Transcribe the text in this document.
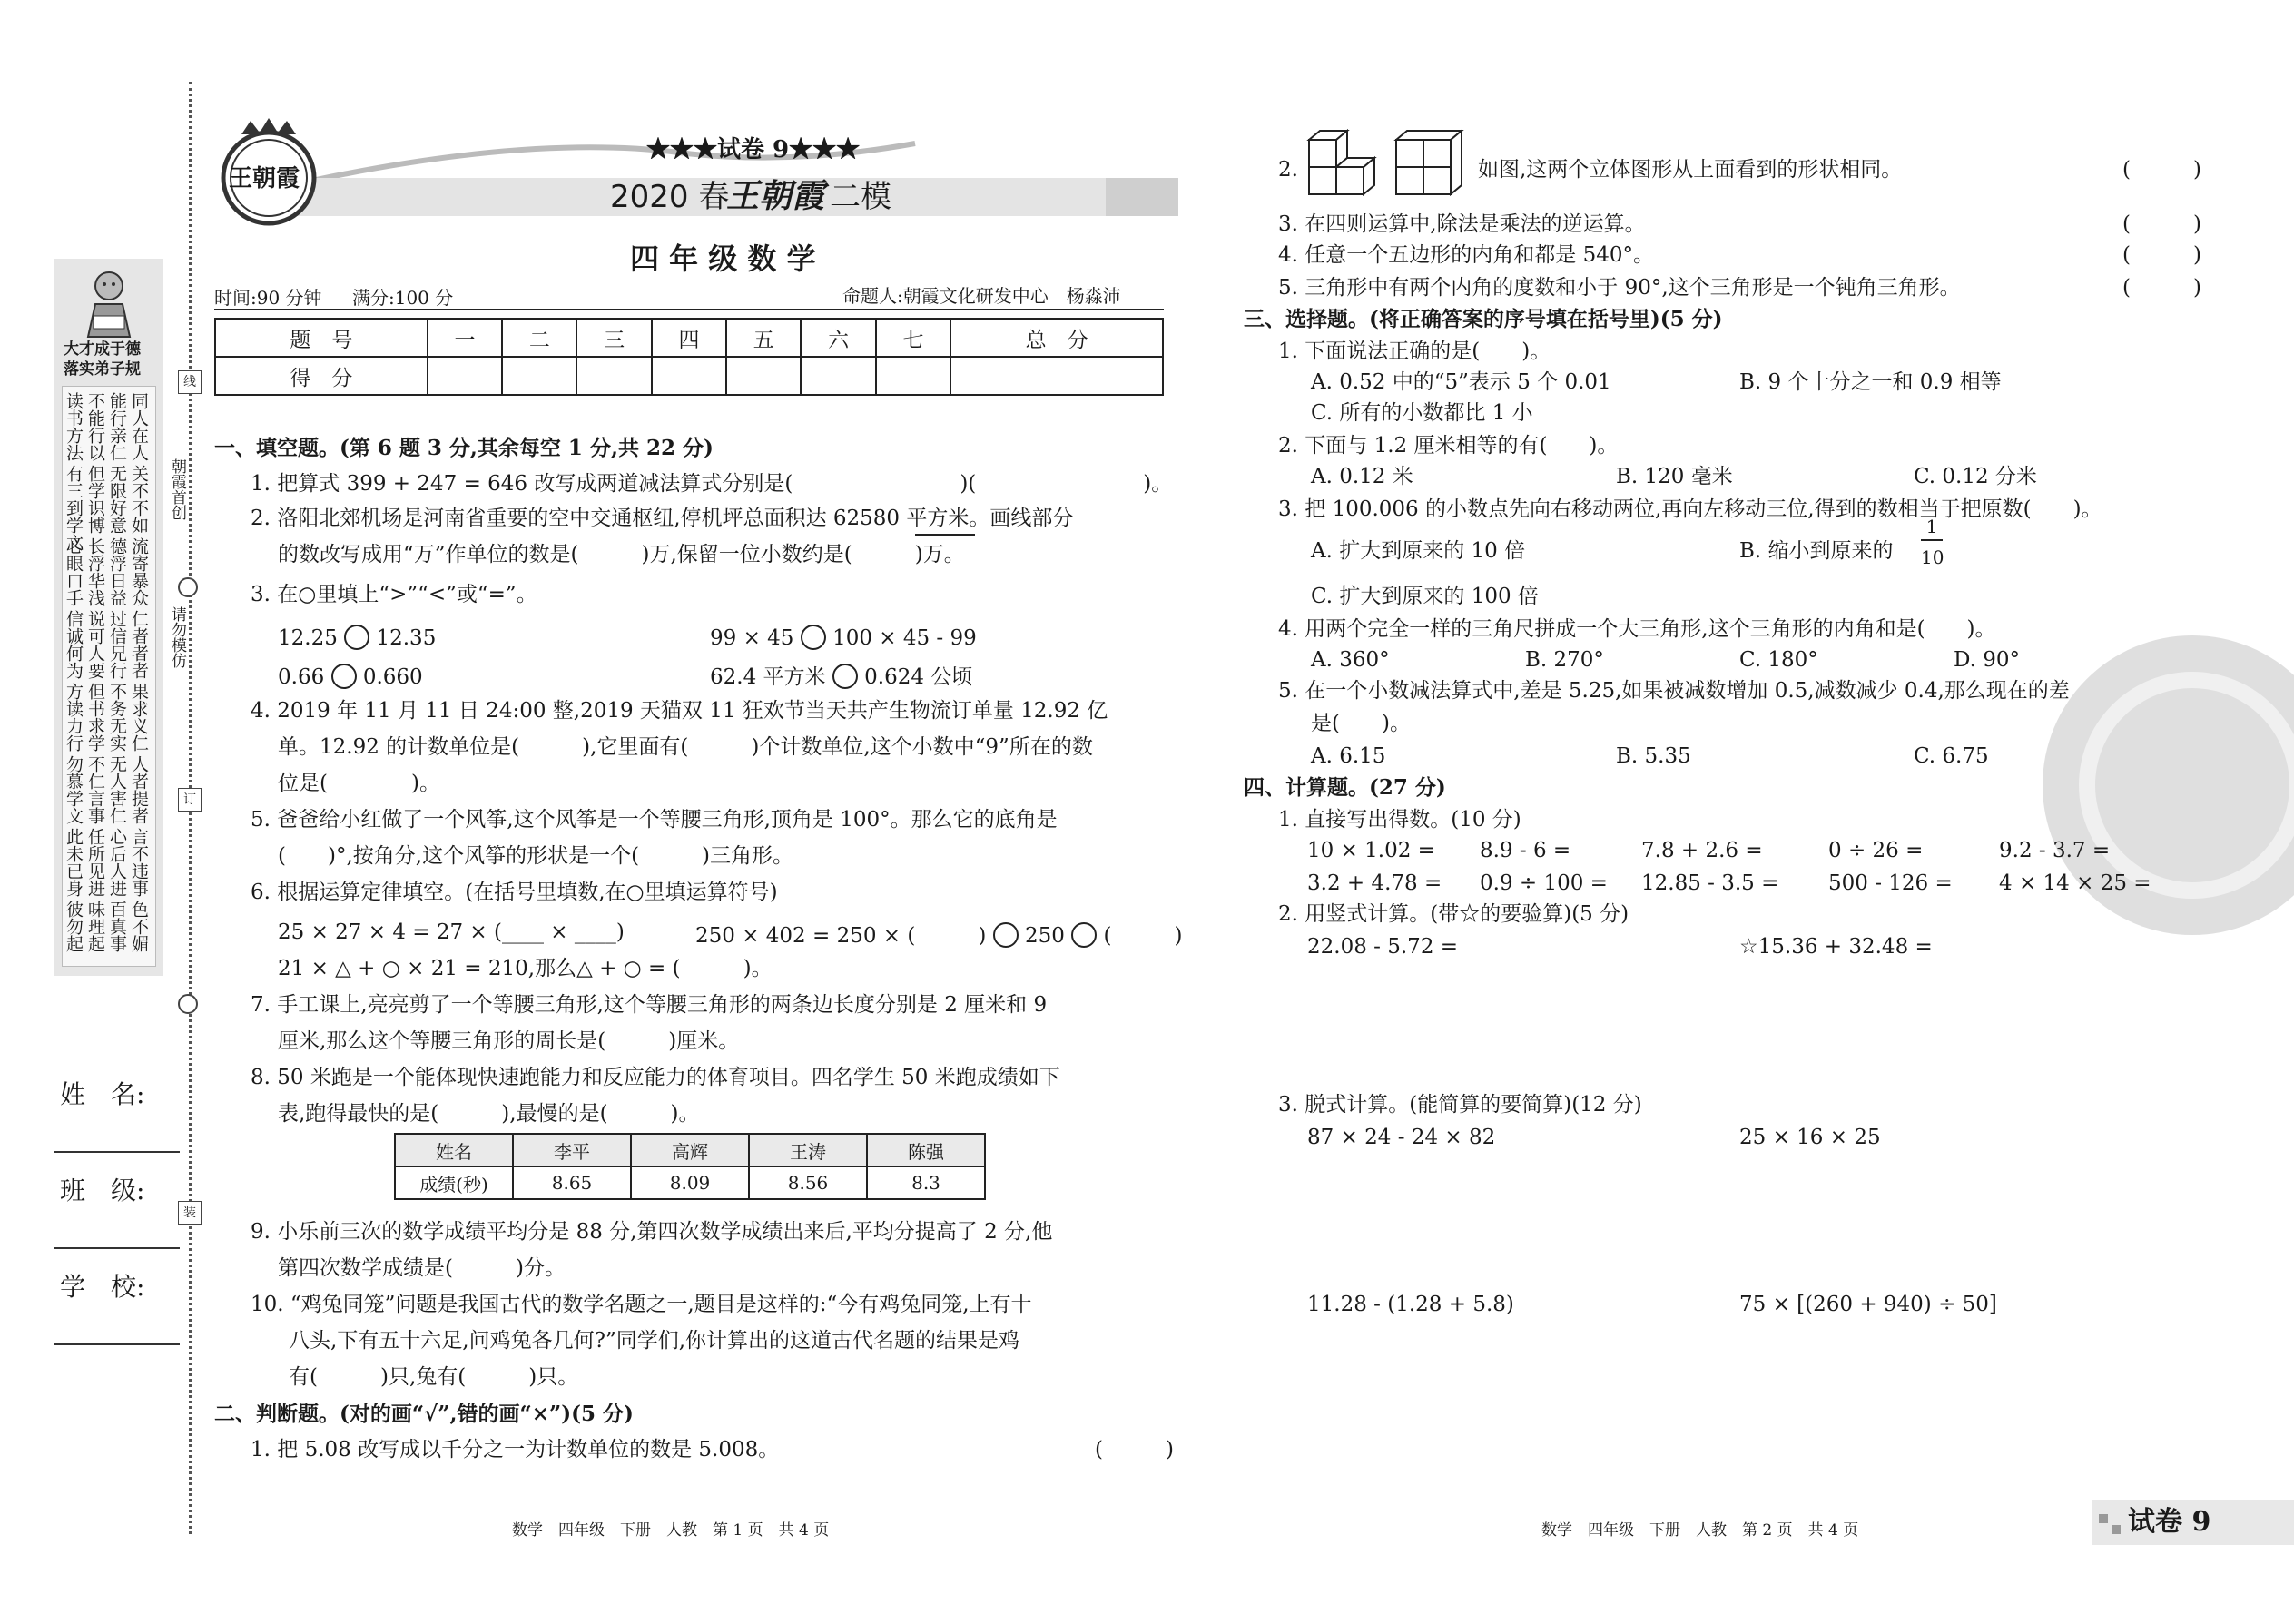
线
订
装
朝霞首创
请勿模仿
大才成于德
落实弟子规
读书方法 不能行以 能行亲仁 同人在人
有三到学文 但学识博 无限好意 关不不如
心眼口手 长浮华浅 德浮日益 流寄暴众
信诚何为 说可人要 过信兄行 仁者者者
方读力行 但书求学 不务无实 果求义仁
勿慕学文 不仁言事 无人害仁 人者提者
此未已身 任所见进 心后人进 言不违事
彼勿起 味理起 百真事 色不媚
姓　名:
班　级:
学　校:
王朝霞
★★★试卷 9★★★
2020 春
王朝霞 二模
四 年 级 数 学
时间:90 分钟 满分:100 分	命题人:朝霞文化研发中心　杨淼沛
题　号	一	二	三	四	五	六	七	总　分
得　分								
一、填空题。(第 6 题 3 分,其余每空 1 分,共 22 分)
1. 把算式 399 + 247 = 646 改写成两道减法算式分别是(　　　　　　　　)(　　　　　　　　)。
2. 洛阳北郊机场是河南省重要的空中交通枢纽,停机坪总面积达 62580 平方米。画线部分
的数改写成用“万”作单位的数是(　　　)万,保留一位小数约是(　　　)万。
3. 在○里填上“>”“<”或“=”。
12.25 12.35	99 × 45 100 × 45 - 99
0.66 0.660	62.4 平方米 0.624 公顷
4. 2019 年 11 月 11 日 24:00 整,2019 天猫双 11 狂欢节当天共产生物流订单量 12.92 亿
单。12.92 的计数单位是(　　　),它里面有(　　　)个计数单位,这个小数中“9”所在的数
位是(　　　　)。
5. 爸爸给小红做了一个风筝,这个风筝是一个等腰三角形,顶角是 100°。那么它的底角是
(　　)°,按角分,这个风筝的形状是一个(　　　)三角形。
6. 根据运算定律填空。(在括号里填数,在○里填运算符号)
25 × 27 × 4 = 27 × (____ × ____)	250 × 402 = 250 × (　　　) 250 (　　　)
21 × △ + ○ × 21 = 210,那么△ + ○ = (　　　)。
7. 手工课上,亮亮剪了一个等腰三角形,这个等腰三角形的两条边长度分别是 2 厘米和 9
厘米,那么这个等腰三角形的周长是(　　　)厘米。
8. 50 米跑是一个能体现快速跑能力和反应能力的体育项目。四名学生 50 米跑成绩如下
表,跑得最快的是(　　　),最慢的是(　　　)。
姓名	李平	高辉	王涛	陈强
成绩(秒)	8.65	8.09	8.56	8.3
9. 小乐前三次的数学成绩平均分是 88 分,第四次数学成绩出来后,平均分提高了 2 分,他
第四次数学成绩是(　　　)分。
10. “鸡兔同笼”问题是我国古代的数学名题之一,题目是这样的:“今有鸡兔同笼,上有十
八头,下有五十六足,问鸡兔各几何?”同学们,你计算出的这道古代名题的结果是鸡
有(　　　)只,兔有(　　　)只。
二、判断题。(对的画“√”,错的画“×”)(5 分)
1. 把 5.08 改写成以千分之一为计数单位的数是 5.008。	(　　　)
2.	如图,这两个立体图形从上面看到的形状相同。	(　　　)
3. 在四则运算中,除法是乘法的逆运算。	(　　　)
4. 任意一个五边形的内角和都是 540°。	(　　　)
5. 三角形中有两个内角的度数和小于 90°,这个三角形是一个钝角三角形。	(　　　)
三、选择题。(将正确答案的序号填在括号里)(5 分)
1. 下面说法正确的是(　　)。
A. 0.52 中的“5”表示 5 个 0.01	B. 9 个十分之一和 0.9 相等
C. 所有的小数都比 1 小
2. 下面与 1.2 厘米相等的有(　　)。
A. 0.12 米	B. 120 毫米	C. 0.12 分米
3. 把 100.006 的小数点先向右移动两位,再向左移动三位,得到的数相当于把原数(　　)。
A. 扩大到原来的 10 倍	B. 缩小到原来的
1
10
C. 扩大到原来的 100 倍
4. 用两个完全一样的三角尺拼成一个大三角形,这个三角形的内角和是(　　)。
A. 360°	B. 270°	C. 180°	D. 90°
5. 在一个小数减法算式中,差是 5.25,如果被减数增加 0.5,减数减少 0.4,那么现在的差
是(　　)。
A. 6.15	B. 5.35	C. 6.75
四、计算题。(27 分)
1. 直接写出得数。(10 分)
10 × 1.02 = 8.9 - 6 =	7.8 + 2.6 =	0 ÷ 26 =	9.2 - 3.7 =
3.2 + 4.78 = 0.9 ÷ 100 = 12.85 - 3.5 = 500 - 126 = 4 × 14 × 25 =
2. 用竖式计算。(带☆的要验算)(5 分)
22.08 - 5.72 =	☆15.36 + 32.48 =
3. 脱式计算。(能简算的要简算)(12 分)
87 × 24 - 24 × 82	25 × 16 × 25
11.28 - (1.28 + 5.8)	75 × [(260 + 940) ÷ 50]
数学　四年级　下册　人教　第 1 页　共 4 页	数学　四年级　下册　人教　第 2 页　共 4 页	试卷 9
